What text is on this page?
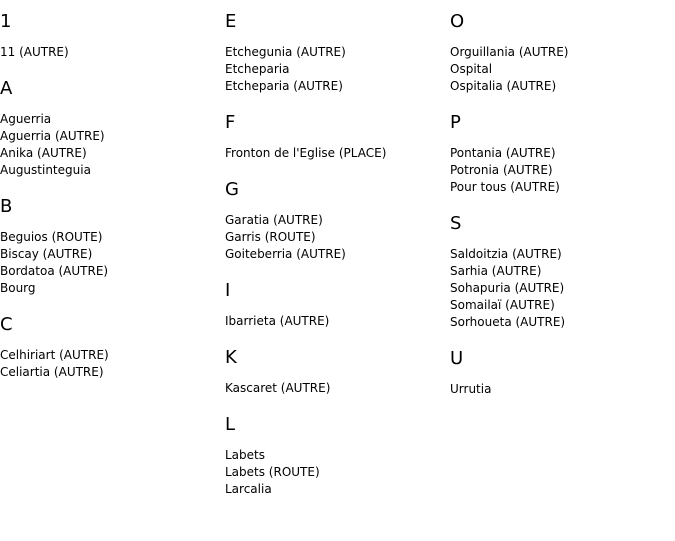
1
11 (AUTRE)
A
Aguerria
Aguerria (AUTRE)
Anika (AUTRE)
Augustinteguia
B
Beguios (ROUTE)
Biscay (AUTRE)
Bordatoa (AUTRE)
Bourg
C
Celhiriart (AUTRE)
Celiartia (AUTRE)
E
Etchegunia (AUTRE)
Etcheparia
Etcheparia (AUTRE)
F
Fronton de l'Eglise (PLACE)
G
Garatia (AUTRE)
Garris (ROUTE)
Goiteberria (AUTRE)
I
Ibarrieta (AUTRE)
K
Kascaret (AUTRE)
L
Labets
Labets (ROUTE)
Larcalia
O
Orguillania (AUTRE)
Ospital
Ospitalia (AUTRE)
P
Pontania (AUTRE)
Potronia (AUTRE)
Pour tous (AUTRE)
S
Saldoitzia (AUTRE)
Sarhia (AUTRE)
Sohapuria (AUTRE)
Somailaï (AUTRE)
Sorhoueta (AUTRE)
U
Urrutia
